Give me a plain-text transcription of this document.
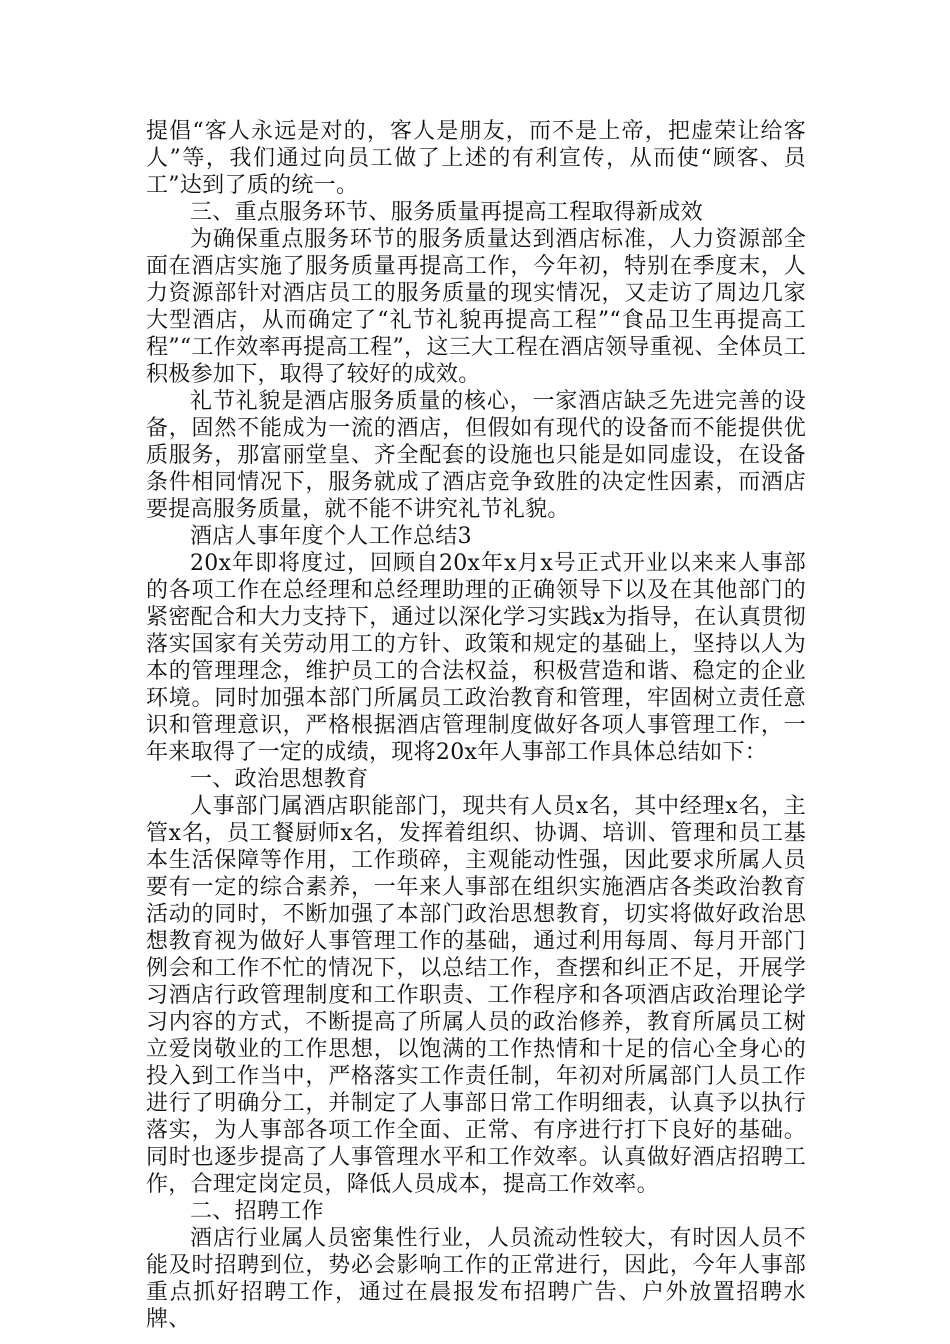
提倡“客人永远是对的，客人是朋友，而不是上帝，把虚荣让给客人”等，我们通过向员工做了上述的有利宣传，从而使“顾客、员工”达到了质的统一。

三、重点服务环节、服务质量再提高工程取得新成效

为确保重点服务环节的服务质量达到酒店标准，人力资源部全面在酒店实施了服务质量再提高工作，今年初，特别在季度末，人力资源部针对酒店员工的服务质量的现实情况，又走访了周边几家大型酒店，从而确定了“礼节礼貌再提高工程”“食品卫生再提高工程”“工作效率再提高工程”，这三大工程在酒店领导重视、全体员工积极参加下，取得了较好的成效。

礼节礼貌是酒店服务质量的核心，一家酒店缺乏先进完善的设备，固然不能成为一流的酒店，但假如有现代的设备而不能提供优质服务，那富丽堂皇、齐全配套的设施也只能是如同虚设，在设备条件相同情况下，服务就成了酒店竞争致胜的决定性因素，而酒店要提高服务质量，就不能不讲究礼节礼貌。

酒店人事年度个人工作总结3

20x年即将度过，回顾自20x年x月x号正式开业以来来人事部的各项工作在总经理和总经理助理的正确领导下以及在其他部门的紧密配合和大力支持下，通过以深化学习实践x为指导，在认真贯彻落实国家有关劳动用工的方针、政策和规定的基础上，坚持以人为本的管理理念，维护员工的合法权益，积极营造和谐、稳定的企业环境。同时加强本部门所属员工政治教育和管理，牢固树立责任意识和管理意识，严格根据酒店管理制度做好各项人事管理工作，一年来取得了一定的成绩，现将20x年人事部工作具体总结如下：

一、政治思想教育

人事部门属酒店职能部门，现共有人员x名，其中经理x名，主管x名，员工餐厨师x名，发挥着组织、协调、培训、管理和员工基本生活保障等作用，工作琐碎，主观能动性强，因此要求所属人员要有一定的综合素养，一年来人事部在组织实施酒店各类政治教育活动的同时，不断加强了本部门政治思想教育，切实将做好政治思想教育视为做好人事管理工作的基础，通过利用每周、每月开部门例会和工作不忙的情况下，以总结工作，查摆和纠正不足，开展学习酒店行政管理制度和工作职责、工作程序和各项酒店政治理论学习内容的方式，不断提高了所属人员的政治修养，教育所属员工树立爱岗敬业的工作思想，以饱满的工作热情和十足的信心全身心的投入到工作当中，严格落实工作责任制，年初对所属部门人员工作进行了明确分工，并制定了人事部日常工作明细表，认真予以执行落实，为人事部各项工作全面、正常、有序进行打下良好的基础。同时也逐步提高了人事管理水平和工作效率。认真做好酒店招聘工作，合理定岗定员，降低人员成本，提高工作效率。

二、招聘工作

酒店行业属人员密集性行业，人员流动性较大，有时因人员不能及时招聘到位，势必会影响工作的正常进行，因此，今年人事部重点抓好招聘工作，通过在晨报发布招聘广告、户外放置招聘水牌、
